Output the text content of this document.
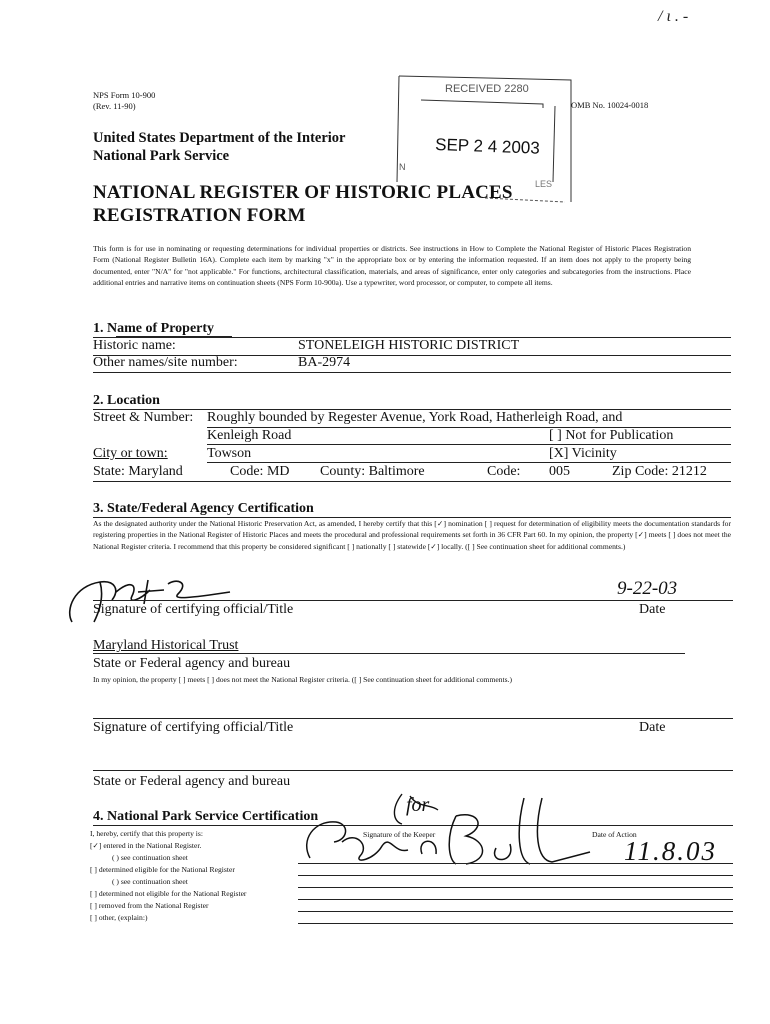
/ ι . -
NPS Form 10-900
(Rev. 11-90)	OMB No. 10024-0018
United States Department of the Interior
National Park Service
RECEIVED 2280
SEP 2 4 2003
N
LES
NATIONAL REGISTER OF HISTORIC PLACES
REGISTRATION FORM
This form is for use in nominating or requesting determinations for individual properties or districts. See instructions in How to Complete the National Register of Historic Places Registration Form (National Register Bulletin 16A). Complete each item by marking "x" in the appropriate box or by entering the information requested. If an item does not apply to the property being documented, enter "N/A" for "not applicable." For functions, architectural classification, materials, and areas of significance, enter only categories and subcategories from the instructions. Place additional entries and narrative items on continuation sheets (NPS Form 10-900a). Use a typewriter, word processor, or computer, to compete all items.
1. Name of Property
Historic name:	STONELEIGH HISTORIC DISTRICT
Other names/site number:	BA-2974
2. Location
Street & Number: Roughly bounded by Regester Avenue, York Road, Hatherleigh Road, and
Kenleigh Road	[ ] Not for Publication
City or town:	Towson	[X] Vicinity
State: Maryland	Code: MD County: Baltimore	Code: 005	Zip Code: 21212
3. State/Federal Agency Certification
As the designated authority under the National Historic Preservation Act, as amended, I hereby certify that this [✓] nomination [ ] request for determination of eligibility meets the documentation standards for registering properties in the National Register of Historic Places and meets the procedural and professional requirements set forth in 36 CFR Part 60. In my opinion, the property [✓] meets [ ] does not meet the National Register criteria. I recommend that this property be considered significant [ ] nationally [ ] statewide [✓] locally. ([ ] See continuation sheet for additional comments.)
9-22-03
Signature of certifying official/Title	Date
Maryland Historical Trust
State or Federal agency and bureau
In my opinion, the property [ ] meets [ ] does not meet the National Register criteria. ([ ] See continuation sheet for additional comments.)
Signature of certifying official/Title	Date
State or Federal agency and bureau
4. National Park Service Certification
I, hereby, certify that this property is:
[✓] entered in the National Register.
( ) see continuation sheet
[ ] determined eligible for the National Register
( ) see continuation sheet
[ ] determined not eligible for the National Register
[ ] removed from the National Register
[ ] other, (explain:)
Signature of the Keeper	Date of Action
for
11.8.03
